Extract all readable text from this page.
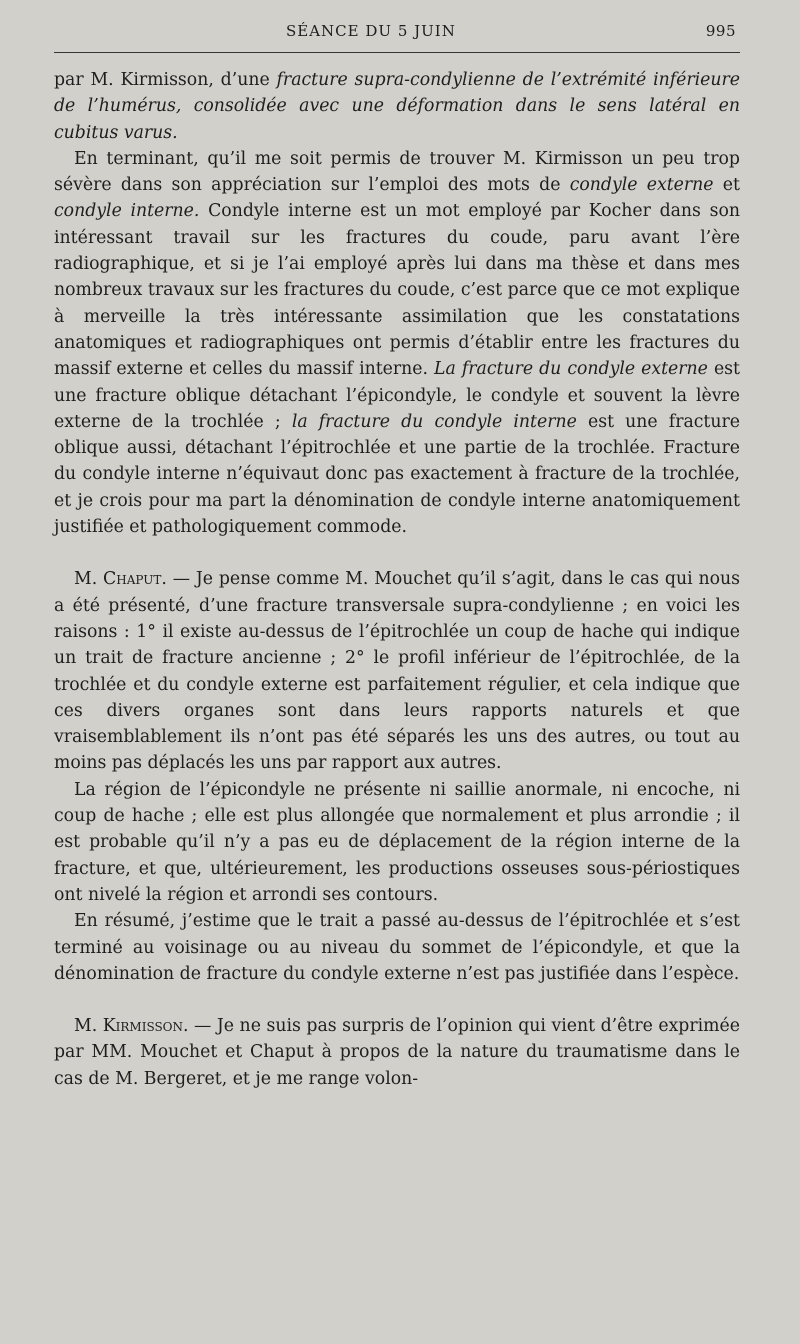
SÉANCE DU 5 JUIN	995

par M. Kirmisson, d’une fracture supra-condylienne de l’extrémité inférieure de l’humérus, consolidée avec une déformation dans le sens latéral en cubitus varus.

En terminant, qu’il me soit permis de trouver M. Kirmisson un peu trop sévère dans son appréciation sur l’emploi des mots de condyle externe et condyle interne. Condyle interne est un mot employé par Kocher dans son intéressant travail sur les fractures du coude, paru avant l’ère radiographique, et si je l’ai employé après lui dans ma thèse et dans mes nombreux travaux sur les fractures du coude, c’est parce que ce mot explique à merveille la très intéressante assimilation que les constatations anatomiques et radiographiques ont permis d’établir entre les fractures du massif externe et celles du massif interne. La fracture du condyle externe est une fracture oblique détachant l’épicondyle, le condyle et souvent la lèvre externe de la trochlée ; la fracture du condyle interne est une fracture oblique aussi, détachant l’épitrochlée et une partie de la trochlée. Fracture du condyle interne n’équivaut donc pas exactement à fracture de la trochlée, et je crois pour ma part la dénomination de condyle interne anatomiquement justifiée et pathologiquement commode.

M. Chaput. — Je pense comme M. Mouchet qu’il s’agit, dans le cas qui nous a été présenté, d’une fracture transversale supra-condylienne ; en voici les raisons : 1° il existe au-dessus de l’épitrochlée un coup de hache qui indique un trait de fracture ancienne ; 2° le profil inférieur de l’épitrochlée, de la trochlée et du condyle externe est parfaitement régulier, et cela indique que ces divers organes sont dans leurs rapports naturels et que vraisemblablement ils n’ont pas été séparés les uns des autres, ou tout au moins pas déplacés les uns par rapport aux autres.

La région de l’épicondyle ne présente ni saillie anormale, ni encoche, ni coup de hache ; elle est plus allongée que normalement et plus arrondie ; il est probable qu’il n’y a pas eu de déplacement de la région interne de la fracture, et que, ultérieurement, les productions osseuses sous-périostiques ont nivelé la région et arrondi ses contours.

En résumé, j’estime que le trait a passé au-dessus de l’épitrochlée et s’est terminé au voisinage ou au niveau du sommet de l’épicondyle, et que la dénomination de fracture du condyle externe n’est pas justifiée dans l’espèce.

M. Kirmisson. — Je ne suis pas surpris de l’opinion qui vient d’être exprimée par MM. Mouchet et Chaput à propos de la nature du traumatisme dans le cas de M. Bergeret, et je me range volon-
